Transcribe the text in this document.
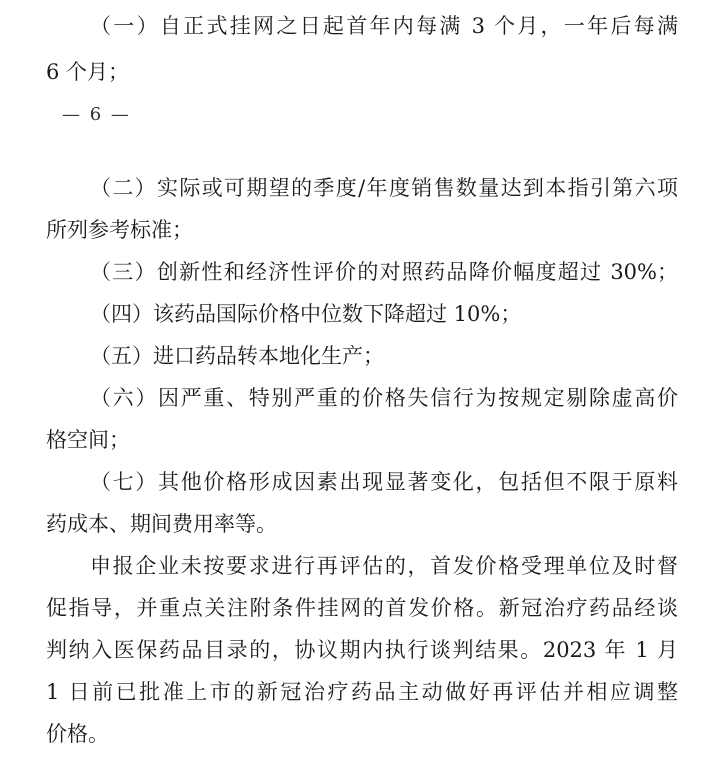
（一）自正式挂网之日起首年内每满 3 个月，一年后每满
6 个月；
— 6 —
（二）实际或可期望的季度/年度销售数量达到本指引第六项
所列参考标准；
（三）创新性和经济性评价的对照药品降价幅度超过 30%；
（四）该药品国际价格中位数下降超过 10%；
（五）进口药品转本地化生产；
（六）因严重、特别严重的价格失信行为按规定剔除虚高价
格空间；
（七）其他价格形成因素出现显著变化，包括但不限于原料
药成本、期间费用率等。
申报企业未按要求进行再评估的，首发价格受理单位及时督
促指导，并重点关注附条件挂网的首发价格。新冠治疗药品经谈
判纳入医保药品目录的，协议期内执行谈判结果。2023 年 1 月
1 日前已批准上市的新冠治疗药品主动做好再评估并相应调整
价格。
